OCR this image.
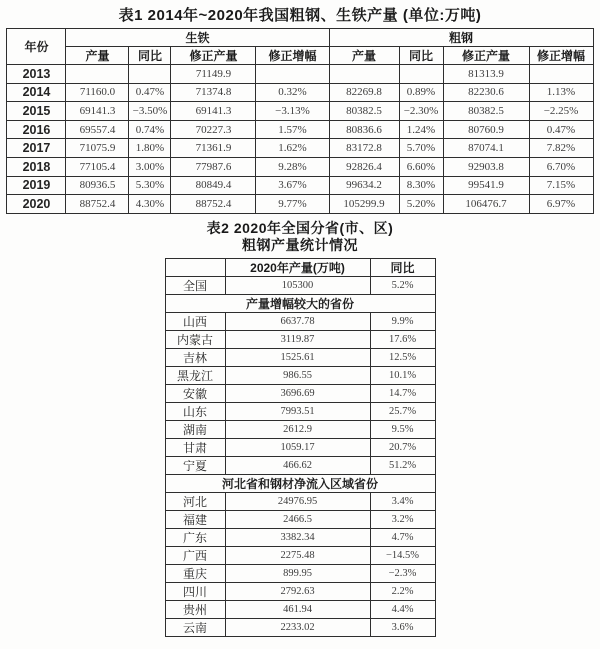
表1 2014年~2020年我国粗钢、生铁产量 (单位:万吨)
年份	生铁				粗钢			
	产量	同比	修正产量	修正增幅	产量	同比	修正产量	修正增幅
2013			71149.9				81313.9	
2014	71160.0	0.47%	71374.8	0.32%	82269.8	0.89%	82230.6	1.13%
2015	69141.3	−3.50%	69141.3	−3.13%	80382.5	−2.30%	80382.5	−2.25%
2016	69557.4	0.74%	70227.3	1.57%	80836.6	1.24%	80760.9	0.47%
2017	71075.9	1.80%	71361.9	1.62%	83172.8	5.70%	87074.1	7.82%
2018	77105.4	3.00%	77987.6	9.28%	92826.4	6.60%	92903.8	6.70%
2019	80936.5	5.30%	80849.4	3.67%	99634.2	8.30%	99541.9	7.15%
2020	88752.4	4.30%	88752.4	9.77%	105299.9	5.20%	106476.7	6.97%
表2 2020年全国分省(市、区)
粗钢产量统计情况
	2020年产量(万吨)	同比
全国	105300	5.2%
产量增幅较大的省份		
山西	6637.78	9.9%
内蒙古	3119.87	17.6%
吉林	1525.61	12.5%
黑龙江	986.55	10.1%
安徽	3696.69	14.7%
山东	7993.51	25.7%
湖南	2612.9	9.5%
甘肃	1059.17	20.7%
宁夏	466.62	51.2%
河北省和钢材净流入区域省份		
河北	24976.95	3.4%
福建	2466.5	3.2%
广东	3382.34	4.7%
广西	2275.48	−14.5%
重庆	899.95	−2.3%
四川	2792.63	2.2%
贵州	461.94	4.4%
云南	2233.02	3.6%
